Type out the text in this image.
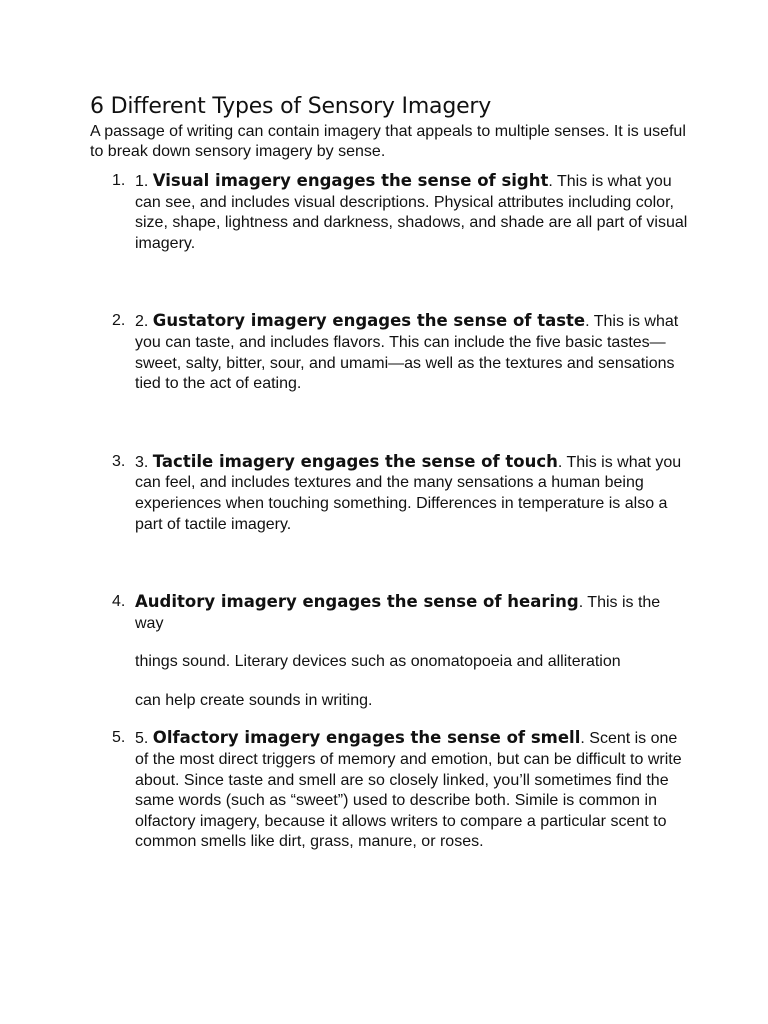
6 Different Types of Sensory Imagery

A passage of writing can contain imagery that appeals to multiple senses. It is useful to break down sensory imagery by sense.

1. 1. Visual imagery engages the sense of sight. This is what you can see, and includes visual descriptions. Physical attributes including color, size, shape, lightness and darkness, shadows, and shade are all part of visual imagery.
2. 2. Gustatory imagery engages the sense of taste. This is what you can taste, and includes flavors. This can include the five basic tastes—sweet, salty, bitter, sour, and umami—as well as the textures and sensations tied to the act of eating.
3. 3. Tactile imagery engages the sense of touch. This is what you can feel, and includes textures and the many sensations a human being experiences when touching something. Differences in temperature is also a part of tactile imagery.
4. Auditory imagery engages the sense of hearing. This is the way
things sound. Literary devices such as onomatopoeia and alliteration
can help create sounds in writing.
5. 5. Olfactory imagery engages the sense of smell. Scent is one of the most direct triggers of memory and emotion, but can be difficult to write about. Since taste and smell are so closely linked, you’ll sometimes find the same words (such as “sweet”) used to describe both. Simile is common in olfactory imagery, because it allows writers to compare a particular scent to common smells like dirt, grass, manure, or roses.
